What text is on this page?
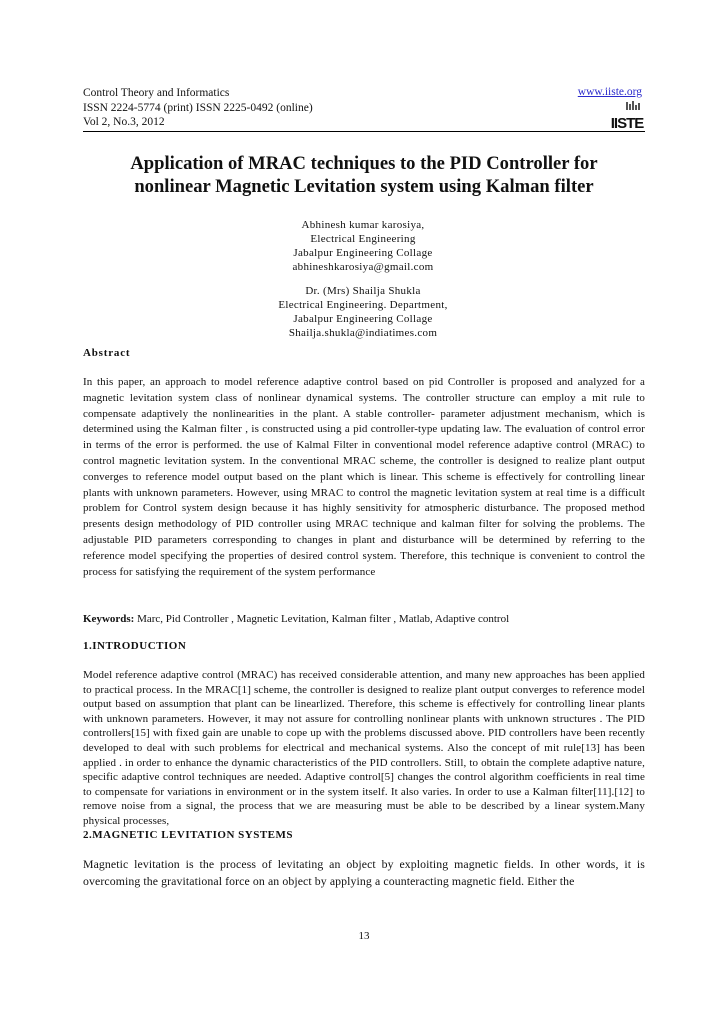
Control Theory and Informatics
ISSN 2224-5774 (print) ISSN 2225-0492 (online)
Vol 2, No.3, 2012
www.iiste.org
IISTE
Application of MRAC techniques to the PID Controller for
nonlinear Magnetic Levitation system using Kalman filter
Abhinesh kumar karosiya,
Electrical Engineering
Jabalpur Engineering Collage
abhineshkarosiya@gmail.com
Dr. (Mrs) Shailja Shukla
Electrical Engineering. Department,
Jabalpur Engineering Collage
Shailja.shukla@indiatimes.com
Abstract
In this paper, an approach to model reference adaptive control based on pid Controller is proposed and analyzed for a magnetic levitation system class of nonlinear dynamical systems. The controller structure can employ a mit rule to compensate adaptively the nonlinearities in the plant. A stable controller- parameter adjustment mechanism, which is determined using the Kalman filter , is constructed using a pid controller-type updating law. The evaluation of control error in terms of the error is performed. the use of Kalmal Filter in conventional model reference adaptive control (MRAC) to control magnetic levitation system. In the conventional MRAC scheme, the controller is designed to realize plant output converges to reference model output based on the plant which is linear. This scheme is effectively for controlling linear plants with unknown parameters. However, using MRAC to control the magnetic levitation system at real time is a difficult problem for Control system design because it has highly sensitivity for atmospheric disturbance. The proposed method presents design methodology of PID controller using MRAC technique and kalman filter for solving the problems. The adjustable PID parameters corresponding to changes in plant and disturbance will be determined by referring to the reference model specifying the properties of desired control system. Therefore, this technique is convenient to control the process for satisfying the requirement of the system performance
Keywords: Marc, Pid Controller , Magnetic Levitation, Kalman filter , Matlab, Adaptive control
1.INTRODUCTION
Model reference adaptive control (MRAC) has received considerable attention, and many new approaches has been applied to practical process. In the MRAC[1] scheme, the controller is designed to realize plant output converges to reference model output based on assumption that plant can be linearlized. Therefore, this scheme is effectively for controlling linear plants with unknown parameters. However, it may not assure for controlling nonlinear plants with unknown structures . The PID controllers[15] with fixed gain are unable to cope up with the problems discussed above. PID controllers have been recently developed to deal with such problems for electrical and mechanical systems. Also the concept of mit rule[13] has been applied . in order to enhance the dynamic characteristics of the PID controllers. Still, to obtain the complete adaptive nature, specific adaptive control techniques are needed. Adaptive control[5] changes the control algorithm coefficients in real time to compensate for variations in environment or in the system itself. It also varies. In order to use a Kalman filter[11].[12] to remove noise from a signal, the process that we are measuring must be able to be described by a linear system.Many physical processes,
2.MAGNETIC LEVITATION SYSTEMS
Magnetic levitation is the process of levitating an object by exploiting magnetic fields. In other words, it is overcoming the gravitational force on an object by applying a counteracting magnetic field. Either the
13
